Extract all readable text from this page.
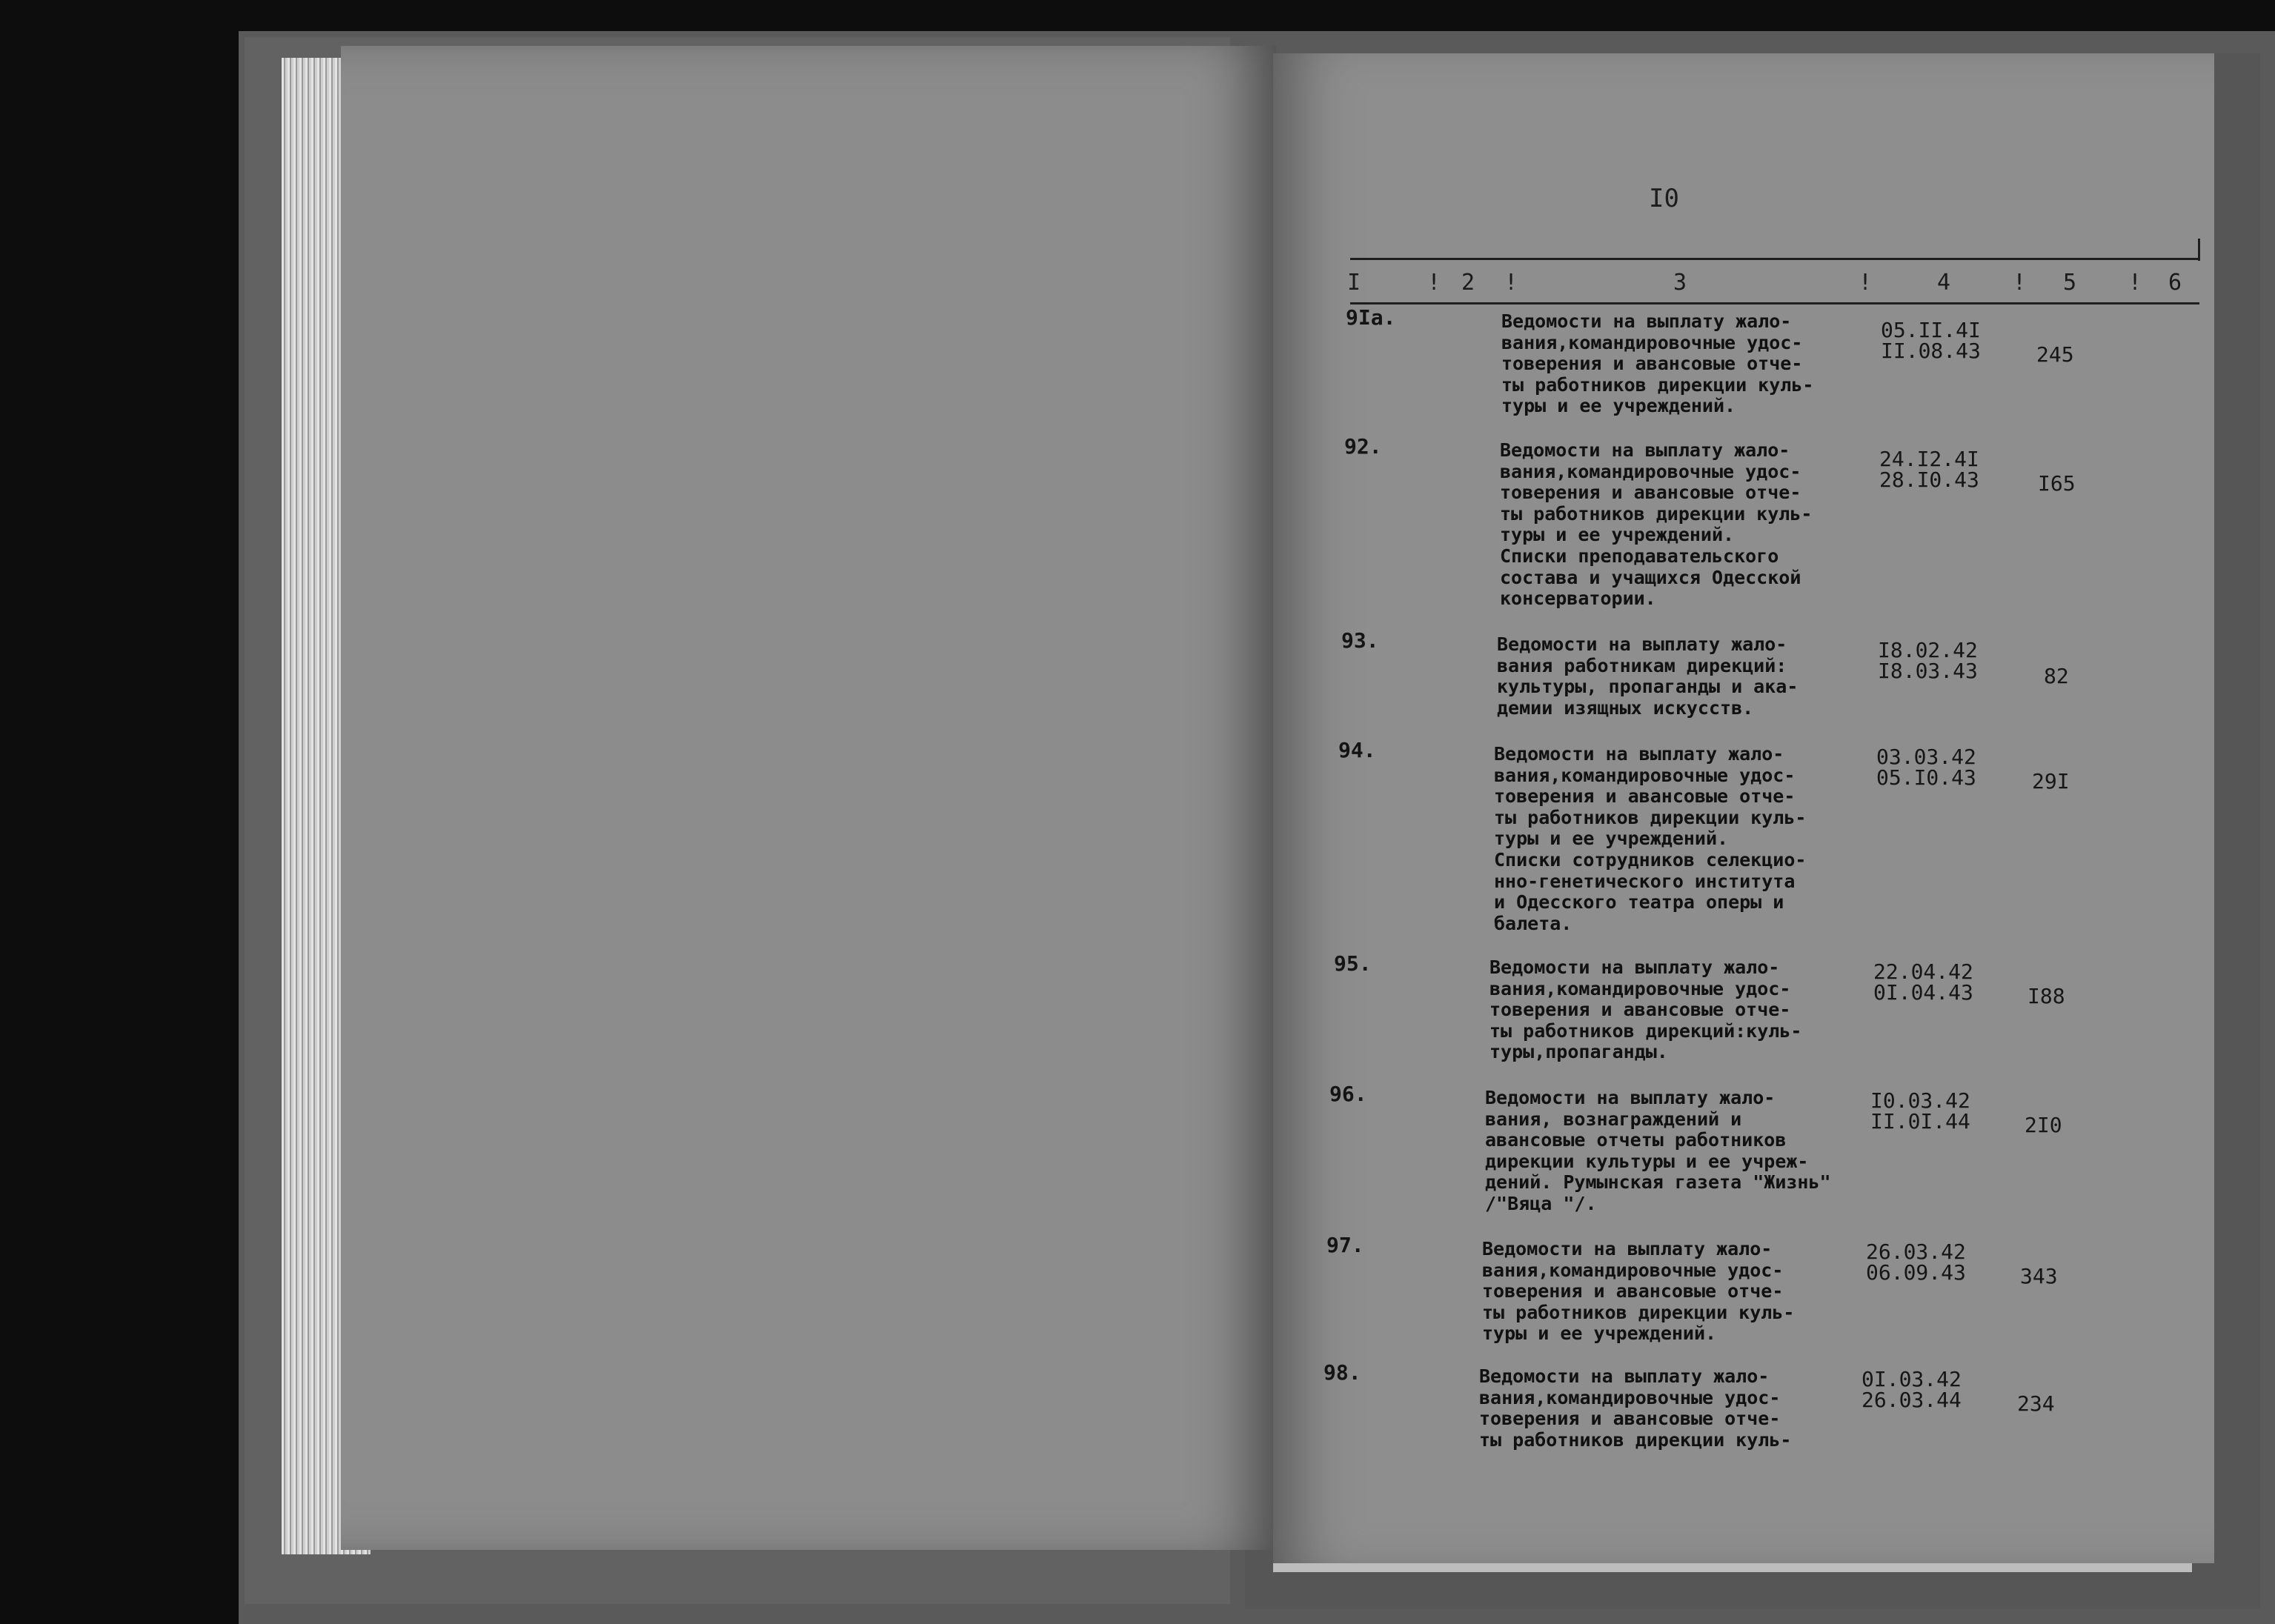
I0
I	! 2 !	3	!	4	! 5 ! 6
9Ia.	Ведомости на выплату жало-
вания,командировочные удос-
товерения и авансовые отче-
ты работников дирекции куль-
туры и ее учреждений.
05.II.4I
II.08.43	245
92.	Ведомости на выплату жало-
вания,командировочные удос-
товерения и авансовые отче-
ты работников дирекции куль-
туры и ее учреждений.
Списки преподавательского
состава и учащихся Одесской
консерватории.
24.I2.4I
28.I0.43	I65
93.	Ведомости на выплату жало-
вания работникам дирекций:
культуры, пропаганды и ака-
демии изящных искусств.
I8.02.42
I8.03.43	82
94.	Ведомости на выплату жало-
вания,командировочные удос-
товерения и авансовые отче-
ты работников дирекции куль-
туры и ее учреждений.
Списки сотрудников селекцио-
нно-генетического института
и Одесского театра оперы и
балета.
03.03.42
05.I0.43	29I
95.	Ведомости на выплату жало-
вания,командировочные удос-
товерения и авансовые отче-
ты работников дирекций:куль-
туры,пропаганды.
22.04.42
0I.04.43	I88
96.	Ведомости на выплату жало-
вания, вознаграждений и
авансовые отчеты работников
дирекции культуры и ее учреж-
дений. Румынская газета "Жизнь"
/"Вяца "/.
I0.03.42
II.0I.44	2I0
97.	Ведомости на выплату жало-
вания,командировочные удос-
товерения и авансовые отче-
ты работников дирекции куль-
туры и ее учреждений.
26.03.42
06.09.43	343
98.	Ведомости на выплату жало-
вания,командировочные удос-
товерения и авансовые отче-
ты работников дирекции куль-
0I.03.42
26.03.44	234
